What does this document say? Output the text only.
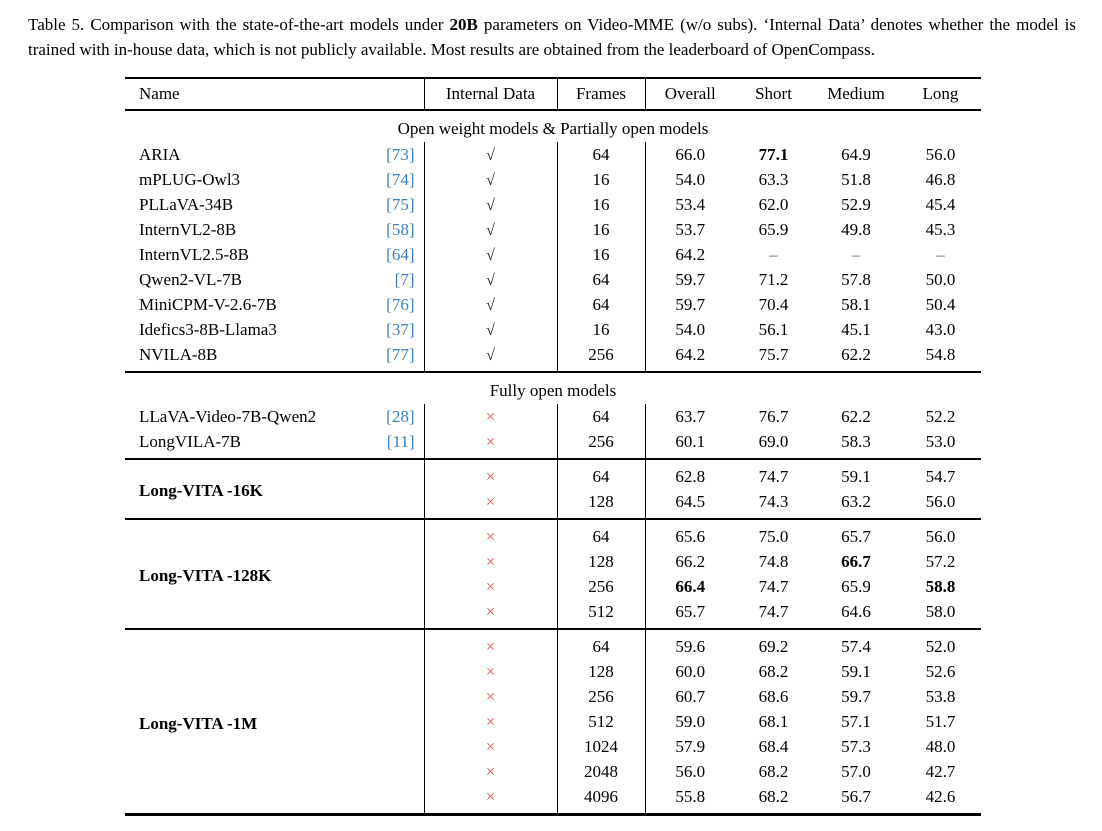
Table 5. Comparison with the state-of-the-art models under 20B parameters on Video-MME (w/o subs). ‘Internal Data’ denotes whether the model is trained with in-house data, which is not publicly available. Most results are obtained from the leaderboard of OpenCompass.
Name	Internal Data	Frames	Overall	Short	Medium	Long
Open weight models & Partially open models						

ARIA [73]	√	64	66.0	77.1	64.9	56.0

mPLUG-Owl3 [74]	√	16	54.0	63.3	51.8	46.8

PLLaVA-34B [75]	√	16	53.4	62.0	52.9	45.4

InternVL2-8B [58]	√	16	53.7	65.9	49.8	45.3

InternVL2.5-8B [64]	√	16	64.2	–	–	–

Qwen2-VL-7B [7]	√	64	59.7	71.2	57.8	50.0

MiniCPM-V-2.6-7B [76]	√	64	59.7	70.4	58.1	50.4

Idefics3-8B-Llama3 [37]	√	16	54.0	56.1	45.1	43.0

NVILA-8B [77]	√	256	64.2	75.7	62.2	54.8
Fully open models						

LLaVA-Video-7B-Qwen2 [28]	×	64	63.7	76.7	62.2	52.2

LongVILA-7B [11]	×	256	60.1	69.0	58.3	53.0
Long-VITA -16K	×	64	62.8	74.7	59.1	54.7
	×	128	64.5	74.3	63.2	56.0
Long-VITA -128K	×	64	65.6	75.0	65.7	56.0
	×	128	66.2	74.8	66.7	57.2
	×	256	66.4	74.7	65.9	58.8
	×	512	65.7	74.7	64.6	58.0
Long-VITA -1M	×	64	59.6	69.2	57.4	52.0
	×	128	60.0	68.2	59.1	52.6
	×	256	60.7	68.6	59.7	53.8
	×	512	59.0	68.1	57.1	51.7
	×	1024	57.9	68.4	57.3	48.0
	×	2048	56.0	68.2	57.0	42.7
	×	4096	55.8	68.2	56.7	42.6
